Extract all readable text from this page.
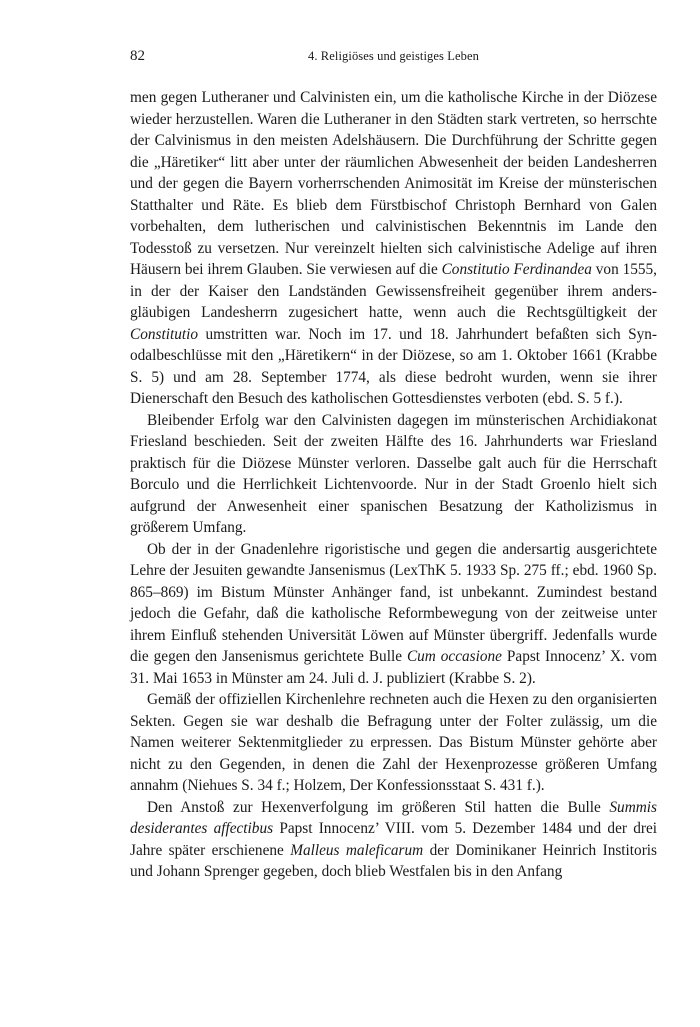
82	4. Religiöses und geistiges Leben

men gegen Lutheraner und Calvinisten ein, um die katholische Kirche in der Diözese wieder herzustellen. Waren die Lutheraner in den Städten stark vertreten, so herrschte der Calvinismus in den meisten Adelshäusern. Die Durchführung der Schritte gegen die „Häretiker“ litt aber unter der räumlichen Abwesenheit der beiden Landesherren und der gegen die Bayern vorherrschenden Animosität im Kreise der münsterischen Statthalter und Räte. Es blieb dem Fürstbischof Christoph Bernhard von Galen vorbehalten, dem lutherischen und calvinistischen Bekenntnis im Lande den Todesstoß zu versetzen. Nur vereinzelt hielten sich calvinistische Adelige auf ihren Häusern bei ihrem Glauben. Sie verwiesen auf die Constitutio Ferdinandea von 1555, in der der Kaiser den Landständen Gewissensfreiheit gegenüber ihrem andersgläubigen Landesherrn zugesichert hatte, wenn auch die Rechtsgültigkeit der Constitutio umstritten war. Noch im 17. und 18. Jahrhundert befaßten sich Synodalbeschlüsse mit den „Häretikern“ in der Diözese, so am 1. Oktober 1661 (Krabbe S. 5) und am 28. September 1774, als diese bedroht wurden, wenn sie ihrer Dienerschaft den Besuch des katholischen Gottesdienstes verboten (ebd. S. 5 f.).

Bleibender Erfolg war den Calvinisten dagegen im münsterischen Archidiakonat Friesland beschieden. Seit der zweiten Hälfte des 16. Jahrhunderts war Friesland praktisch für die Diözese Münster verloren. Dasselbe galt auch für die Herrschaft Borculo und die Herrlichkeit Lichtenvoorde. Nur in der Stadt Groenlo hielt sich aufgrund der Anwesenheit einer spanischen Besatzung der Katholizismus in größerem Umfang.

Ob der in der Gnadenlehre rigoristische und gegen die andersartig ausgerichtete Lehre der Jesuiten gewandte Jansenismus (LexThK 5. 1933 Sp. 275 ff.; ebd. 1960 Sp. 865–869) im Bistum Münster Anhänger fand, ist unbekannt. Zumindest bestand jedoch die Gefahr, daß die katholische Reformbewegung von der zeitweise unter ihrem Einfluß stehenden Universität Löwen auf Münster übergriff. Jedenfalls wurde die gegen den Jansenismus gerichtete Bulle Cum occasione Papst Innocenz’ X. vom 31. Mai 1653 in Münster am 24. Juli d. J. publiziert (Krabbe S. 2).

Gemäß der offiziellen Kirchenlehre rechneten auch die Hexen zu den organisierten Sekten. Gegen sie war deshalb die Befragung unter der Folter zulässig, um die Namen weiterer Sektenmitglieder zu erpressen. Das Bistum Münster gehörte aber nicht zu den Gegenden, in denen die Zahl der Hexenprozesse größeren Umfang annahm (Niehues S. 34 f.; Holzem, Der Konfessionsstaat S. 431 f.).

Den Anstoß zur Hexenverfolgung im größeren Stil hatten die Bulle Summis desiderantes affectibus Papst Innocenz’ VIII. vom 5. Dezember 1484 und der drei Jahre später erschienene Malleus maleficarum der Dominikaner Heinrich Institoris und Johann Sprenger gegeben, doch blieb Westfalen bis in den Anfang
